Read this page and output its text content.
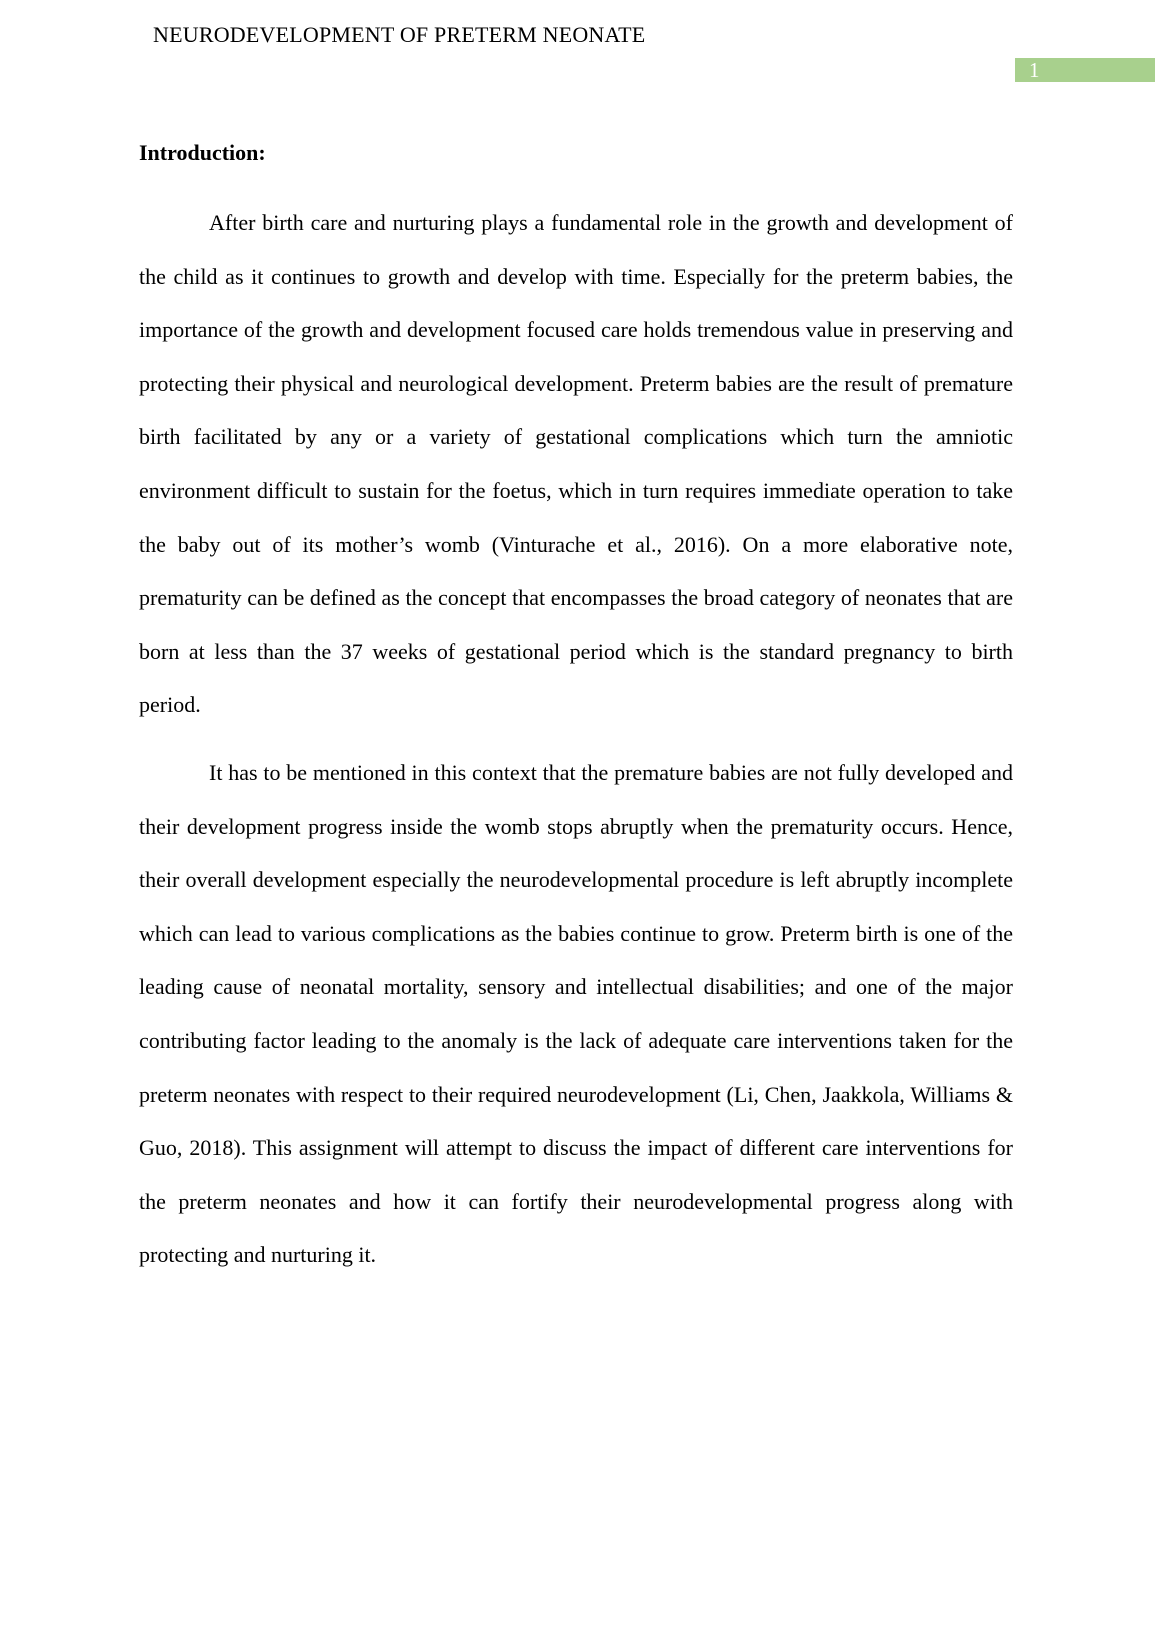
NEURODEVELOPMENT OF PRETERM NEONATE
1
Introduction:

After birth care and nurturing plays a fundamental role in the growth and development of the child as it continues to growth and develop with time. Especially for the preterm babies, the importance of the growth and development focused care holds tremendous value in preserving and protecting their physical and neurological development. Preterm babies are the result of premature birth facilitated by any or a variety of gestational complications which turn the amniotic environment difficult to sustain for the foetus, which in turn requires immediate operation to take the baby out of its mother’s womb (Vinturache et al., 2016). On a more elaborative note, prematurity can be defined as the concept that encompasses the broad category of neonates that are born at less than the 37 weeks of gestational period which is the standard pregnancy to birth period.

It has to be mentioned in this context that the premature babies are not fully developed and their development progress inside the womb stops abruptly when the prematurity occurs. Hence, their overall development especially the neurodevelopmental procedure is left abruptly incomplete which can lead to various complications as the babies continue to grow. Preterm birth is one of the leading cause of neonatal mortality, sensory and intellectual disabilities; and one of the major contributing factor leading to the anomaly is the lack of adequate care interventions taken for the preterm neonates with respect to their required neurodevelopment (Li, Chen, Jaakkola, Williams & Guo, 2018). This assignment will attempt to discuss the impact of different care interventions for the preterm neonates and how it can fortify their neurodevelopmental progress along with protecting and nurturing it.
